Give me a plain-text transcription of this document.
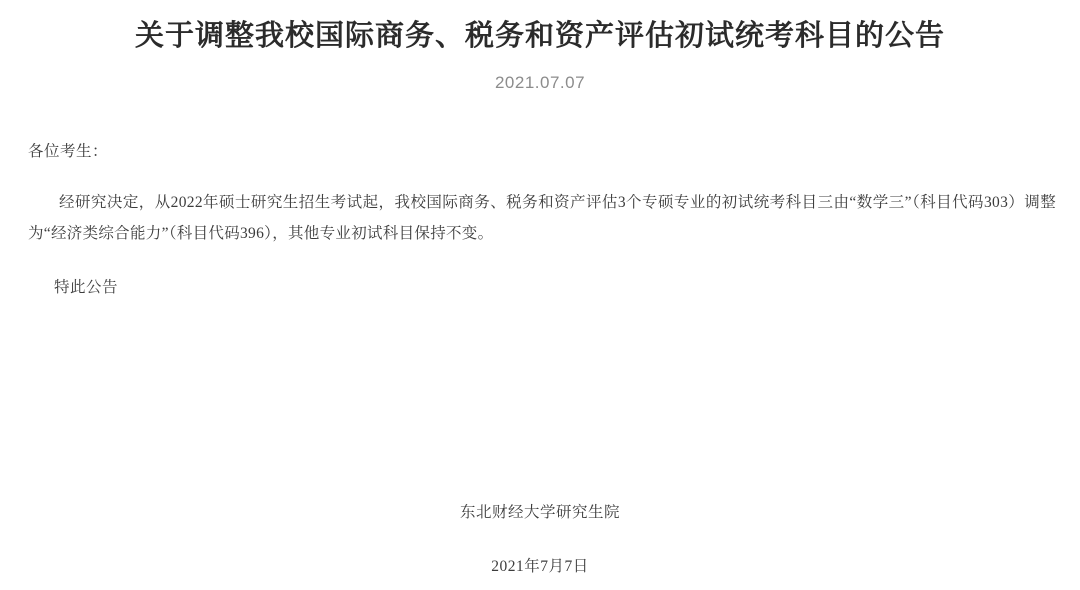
关于调整我校国际商务、税务和资产评估初试统考科目的公告
2021.07.07

各位考生：

经研究决定，从2022年硕士研究生招生考试起，我校国际商务、税务和资产评估3个专硕专业的初试统考科目三由“数学三”（科目代码303）调整为“经济类综合能力”（科目代码396），其他专业初试科目保持不变。

特此公告

东北财经大学研究生院

2021年7月7日
